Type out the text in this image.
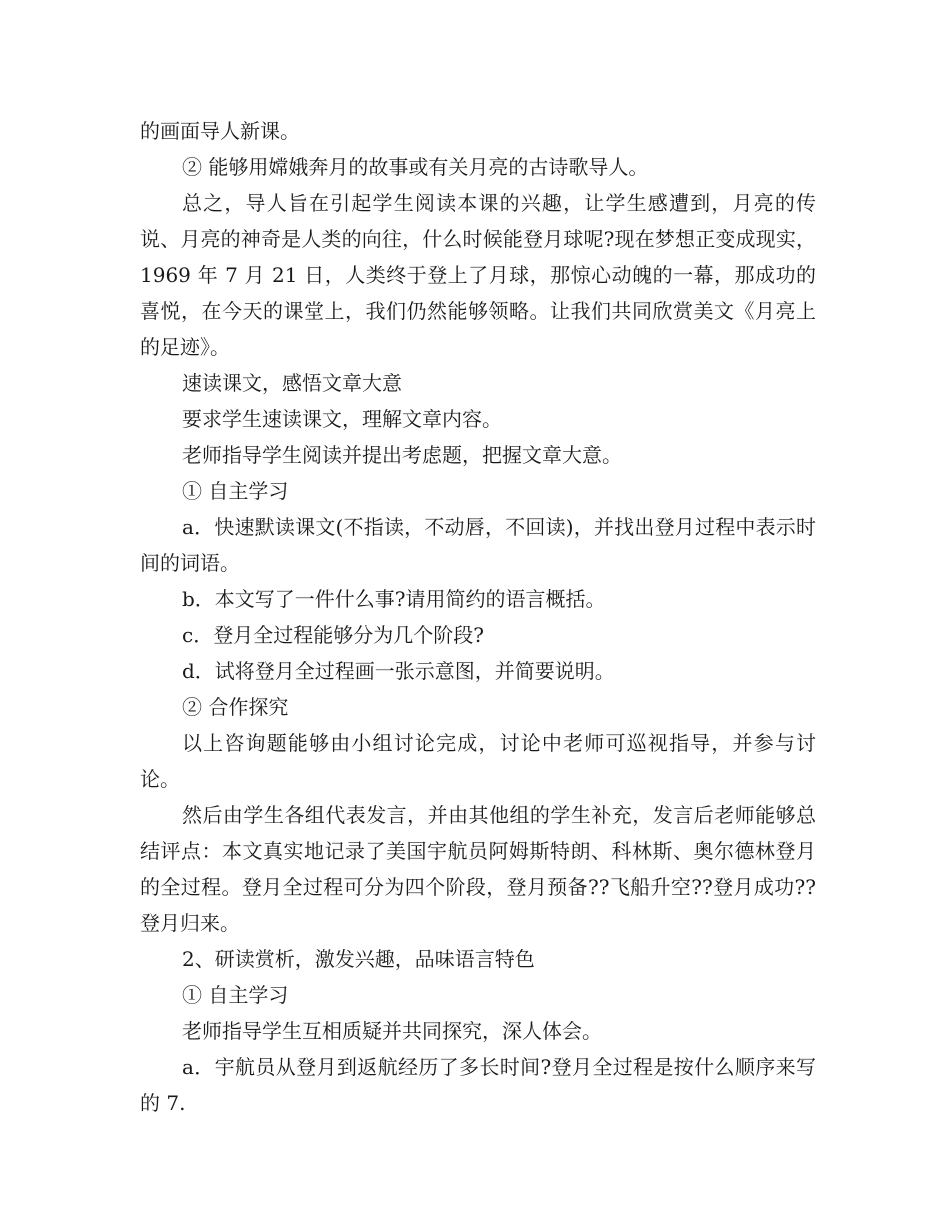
的画面导人新课。

② 能够用嫦娥奔月的故事或有关月亮的古诗歌导人。

总之，导人旨在引起学生阅读本课的兴趣，让学生感遭到，月亮的传说、月亮的神奇是人类的向往，什么时候能登月球呢?现在梦想正变成现实，1969 年 7 月 21 日，人类终于登上了月球，那惊心动魄的一幕，那成功的喜悦，在今天的课堂上，我们仍然能够领略。让我们共同欣赏美文《月亮上的足迹》。

速读课文，感悟文章大意

要求学生速读课文，理解文章内容。

老师指导学生阅读并提出考虑题，把握文章大意。

① 自主学习

a．快速默读课文(不指读，不动唇，不回读)，并找出登月过程中表示时间的词语。

b．本文写了一件什么事?请用简约的语言概括。

c．登月全过程能够分为几个阶段?

d．试将登月全过程画一张示意图，并简要说明。

② 合作探究

以上咨询题能够由小组讨论完成，讨论中老师可巡视指导，并参与讨论。

然后由学生各组代表发言，并由其他组的学生补充，发言后老师能够总结评点：本文真实地记录了美国宇航员阿姆斯特朗、科林斯、奥尔德林登月的全过程。登月全过程可分为四个阶段，登月预备??飞船升空??登月成功??登月归来。

2、研读赏析，激发兴趣，品味语言特色

① 自主学习

老师指导学生互相质疑并共同探究，深人体会。

a．宇航员从登月到返航经历了多长时间?登月全过程是按什么顺序来写的 7.
